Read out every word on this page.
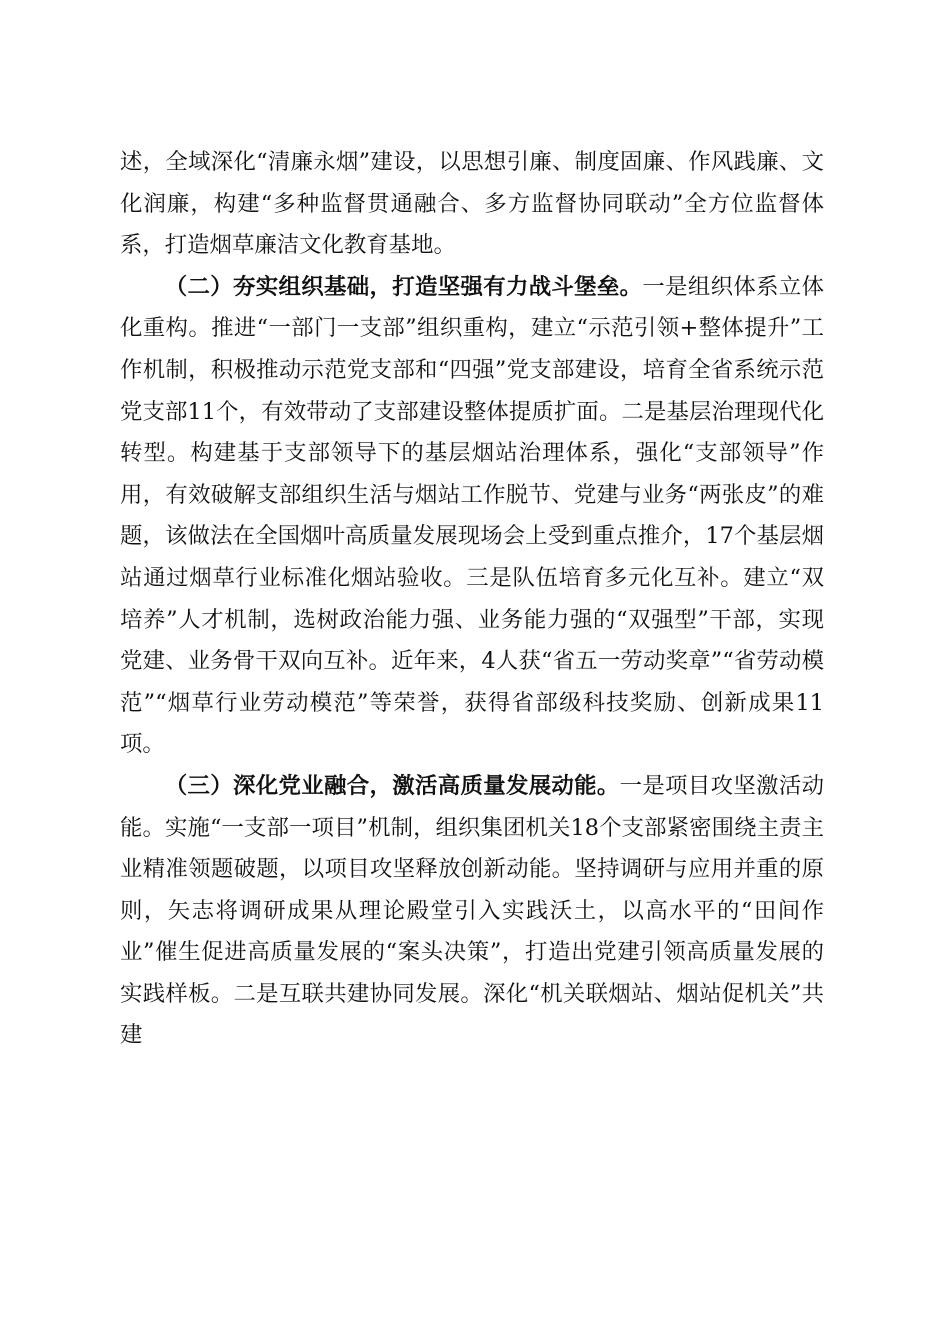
述，全域深化“清廉永烟”建设，以思想引廉、制度固廉、作风践廉、文化润廉，构建“多种监督贯通融合、多方监督协同联动”全方位监督体系，打造烟草廉洁文化教育基地。

（二）夯实组织基础，打造坚强有力战斗堡垒。一是组织体系立体化重构。推进“一部门一支部”组织重构，建立“示范引领+整体提升”工作机制，积极推动示范党支部和“四强”党支部建设，培育全省系统示范党支部11个，有效带动了支部建设整体提质扩面。二是基层治理现代化转型。构建基于支部领导下的基层烟站治理体系，强化“支部领导”作用，有效破解支部组织生活与烟站工作脱节、党建与业务“两张皮”的难题，该做法在全国烟叶高质量发展现场会上受到重点推介，17个基层烟站通过烟草行业标准化烟站验收。三是队伍培育多元化互补。建立“双培养”人才机制，选树政治能力强、业务能力强的“双强型”干部，实现党建、业务骨干双向互补。近年来，4人获“省五一劳动奖章”“省劳动模范”“烟草行业劳动模范”等荣誉，获得省部级科技奖励、创新成果11项。

（三）深化党业融合，激活高质量发展动能。一是项目攻坚激活动能。实施“一支部一项目”机制，组织集团机关18个支部紧密围绕主责主业精准领题破题，以项目攻坚释放创新动能。坚持调研与应用并重的原则，矢志将调研成果从理论殿堂引入实践沃土，以高水平的“田间作业”催生促进高质量发展的“案头决策”，打造出党建引领高质量发展的实践样板。二是互联共建协同发展。深化“机关联烟站、烟站促机关”共建
